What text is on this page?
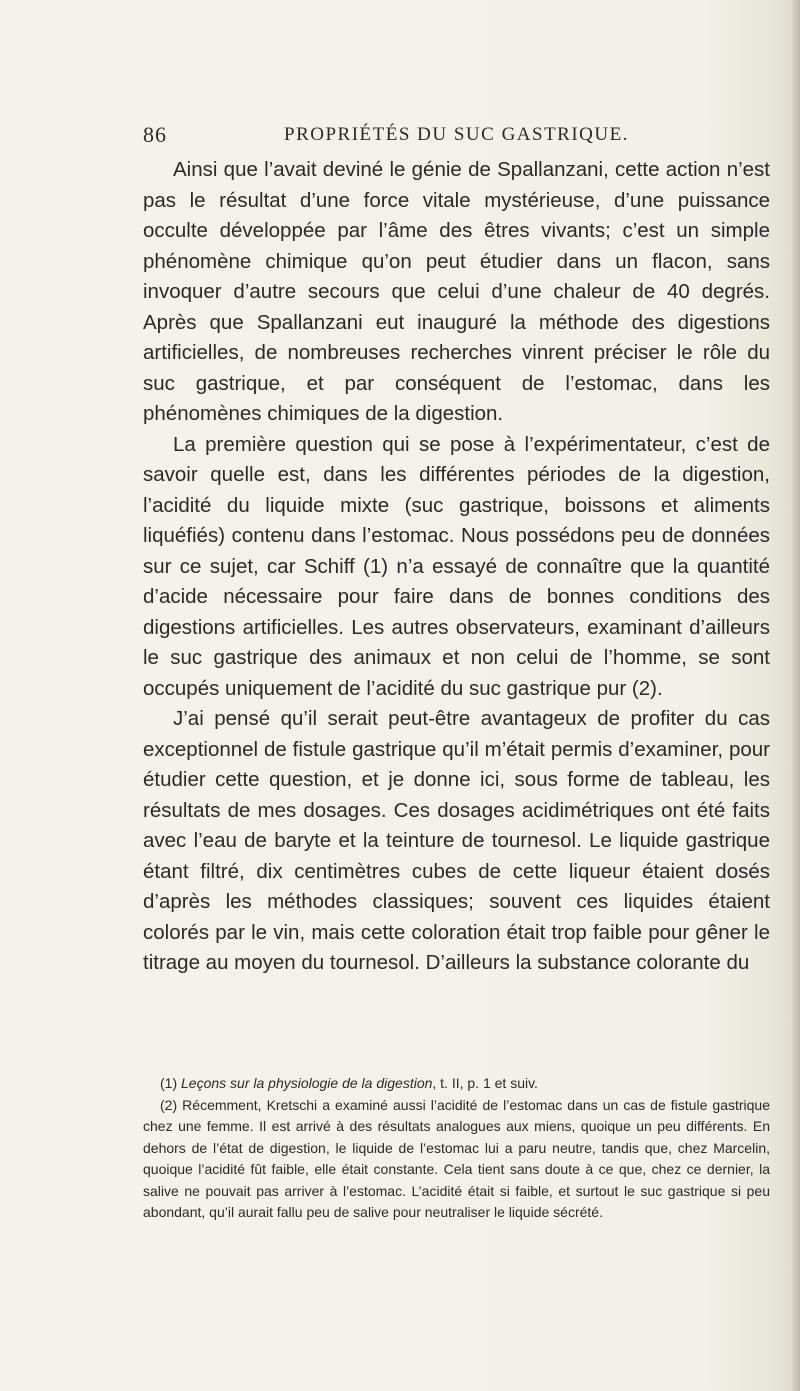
86	PROPRIÉTÉS DU SUC GASTRIQUE.

Ainsi que l’avait deviné le génie de Spallanzani, cette action n’est pas le résultat d’une force vitale mystérieuse, d’une puissance occulte développée par l’âme des êtres vivants; c’est un simple phénomène chimique qu’on peut étudier dans un flacon, sans invoquer d’autre secours que celui d’une chaleur de 40 degrés. Après que Spallanzani eut inauguré la méthode des digestions artificielles, de nombreuses recherches vinrent préciser le rôle du suc gastrique, et par conséquent de l’estomac, dans les phénomènes chimiques de la digestion.

La première question qui se pose à l’expérimentateur, c’est de savoir quelle est, dans les différentes périodes de la digestion, l’acidité du liquide mixte (suc gastrique, boissons et aliments liquéfiés) contenu dans l’estomac. Nous possédons peu de données sur ce sujet, car Schiff (1) n’a essayé de connaître que la quantité d’acide nécessaire pour faire dans de bonnes conditions des digestions artificielles. Les autres observateurs, examinant d’ailleurs le suc gastrique des animaux et non celui de l’homme, se sont occupés uniquement de l’acidité du suc gastrique pur (2).

J’ai pensé qu’il serait peut-être avantageux de profiter du cas exceptionnel de fistule gastrique qu’il m’était permis d’examiner, pour étudier cette question, et je donne ici, sous forme de tableau, les résultats de mes dosages. Ces dosages acidimétriques ont été faits avec l’eau de baryte et la teinture de tournesol. Le liquide gastrique étant filtré, dix centimètres cubes de cette liqueur étaient dosés d’après les méthodes classiques; souvent ces liquides étaient colorés par le vin, mais cette coloration était trop faible pour gêner le titrage au moyen du tournesol. D’ailleurs la substance colorante du

(1) Leçons sur la physiologie de la digestion, t. II, p. 1 et suiv.

(2) Récemment, Kretschi a examiné aussi l’acidité de l’estomac dans un cas de fistule gastrique chez une femme. Il est arrivé à des résultats analogues aux miens, quoique un peu différents. En dehors de l’état de digestion, le liquide de l’estomac lui a paru neutre, tandis que, chez Marcelin, quoique l’acidité fût faible, elle était constante. Cela tient sans doute à ce que, chez ce dernier, la salive ne pouvait pas arriver à l’estomac. L’acidité était si faible, et surtout le suc gastrique si peu abondant, qu’il aurait fallu peu de salive pour neutraliser le liquide sécrété.
